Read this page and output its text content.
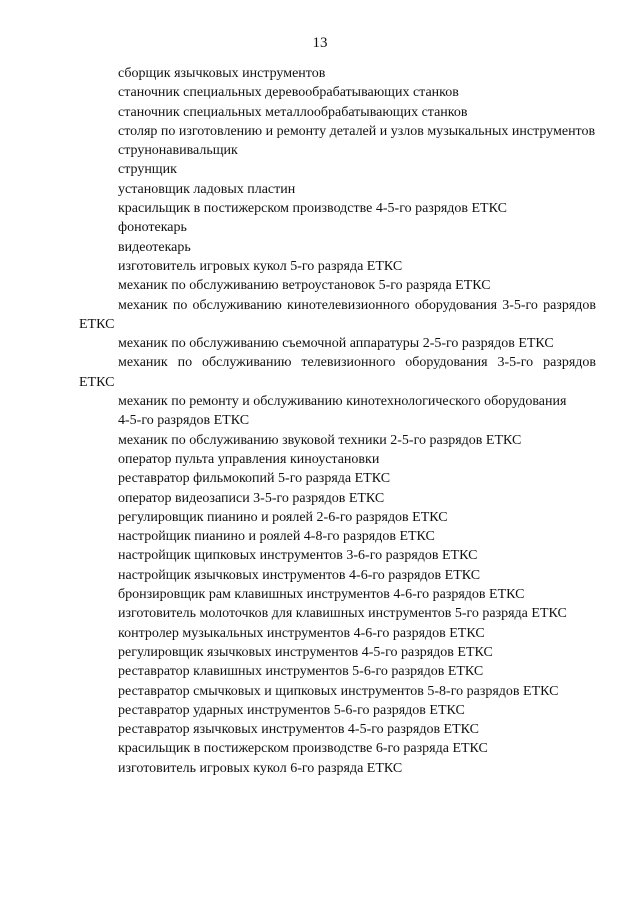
13

сборщик язычковых инструментов

станочник специальных деревообрабатывающих станков

станочник специальных металлообрабатывающих станков

столяр по изготовлению и ремонту деталей и узлов музыкальных инструментов

струнонавивальщик

струнщик

установщик ладовых пластин

красильщик в постижерском производстве 4-5-го разрядов ЕТКС

фонотекарь

видеотекарь

изготовитель игровых кукол 5-го разряда ЕТКС

механик по обслуживанию ветроустановок 5-го разряда ЕТКС

механик по обслуживанию кинотелевизионного оборудования 3-5-го разрядов ЕТКС

механик по обслуживанию съемочной аппаратуры 2-5-го разрядов ЕТКС

механик по обслуживанию телевизионного оборудования 3-5-го разрядов ЕТКС

механик по ремонту и обслуживанию кинотехнологического оборудования

4-5-го разрядов ЕТКС

механик по обслуживанию звуковой техники 2-5-го разрядов ЕТКС

оператор пульта управления киноустановки

реставратор фильмокопий 5-го разряда ЕТКС

оператор видеозаписи 3-5-го разрядов ЕТКС

регулировщик пианино и роялей 2-6-го разрядов ЕТКС

настройщик пианино и роялей 4-8-го разрядов ЕТКС

настройщик щипковых инструментов 3-6-го разрядов ЕТКС

настройщик язычковых инструментов 4-6-го разрядов ЕТКС

бронзировщик рам клавишных инструментов 4-6-го разрядов ЕТКС

изготовитель молоточков для клавишных инструментов 5-го разряда ЕТКС

контролер музыкальных инструментов 4-6-го разрядов ЕТКС

регулировщик язычковых инструментов 4-5-го разрядов ЕТКС

реставратор клавишных инструментов 5-6-го разрядов ЕТКС

реставратор смычковых и щипковых инструментов 5-8-го разрядов ЕТКС

реставратор ударных инструментов 5-6-го разрядов ЕТКС

реставратор язычковых инструментов 4-5-го разрядов ЕТКС

красильщик в постижерском производстве 6-го разряда ЕТКС

изготовитель игровых кукол 6-го разряда ЕТКС
